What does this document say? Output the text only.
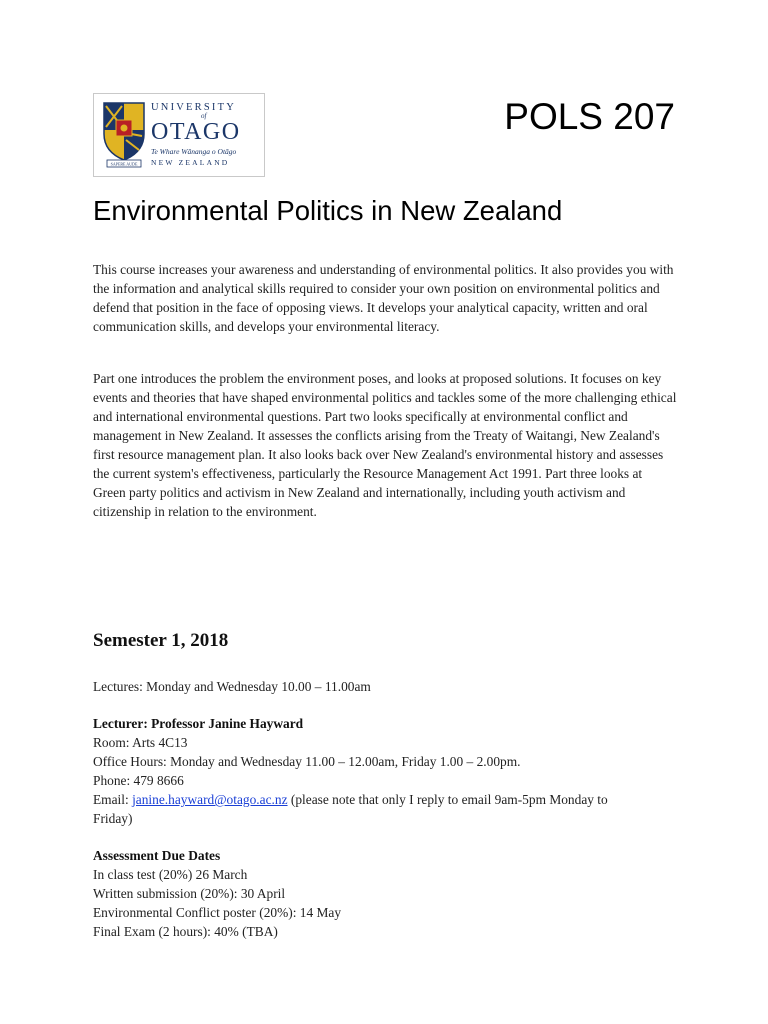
SAPERE AUDE
UNIVERSITY
of
OTAGO
Te Whare Wānanga o Otāgo
NEW ZEALAND
POLS 207
Environmental Politics in New Zealand

This course increases your awareness and understanding of environmental politics. It also provides you with the information and analytical skills required to consider your own position on environmental politics and defend that position in the face of opposing views. It develops your analytical capacity, written and oral communication skills, and develops your environmental literacy.

Part one introduces the problem the environment poses, and looks at proposed solutions. It focuses on key events and theories that have shaped environmental politics and tackles some of the more challenging ethical and international environmental questions. Part two looks specifically at environmental conflict and management in New Zealand. It assesses the conflicts arising from the Treaty of Waitangi, New Zealand's first resource management plan. It also looks back over New Zealand's environmental history and assesses the current system's effectiveness, particularly the Resource Management Act 1991. Part three looks at Green party politics and activism in New Zealand and internationally, including youth activism and citizenship in relation to the environment.

Semester 1, 2018

Lectures: Monday and Wednesday 10.00 – 11.00am

Lecturer: Professor Janine Hayward

Room: Arts 4C13

Office Hours: Monday and Wednesday 11.00 – 12.00am, Friday 1.00 – 2.00pm.

Phone: 479 8666

Email: janine.hayward@otago.ac.nz (please note that only I reply to email 9am-5pm Monday to

Friday)

Assessment Due Dates

In class test (20%) 26 March

Written submission (20%): 30 April

Environmental Conflict poster (20%): 14 May

Final Exam (2 hours): 40% (TBA)
